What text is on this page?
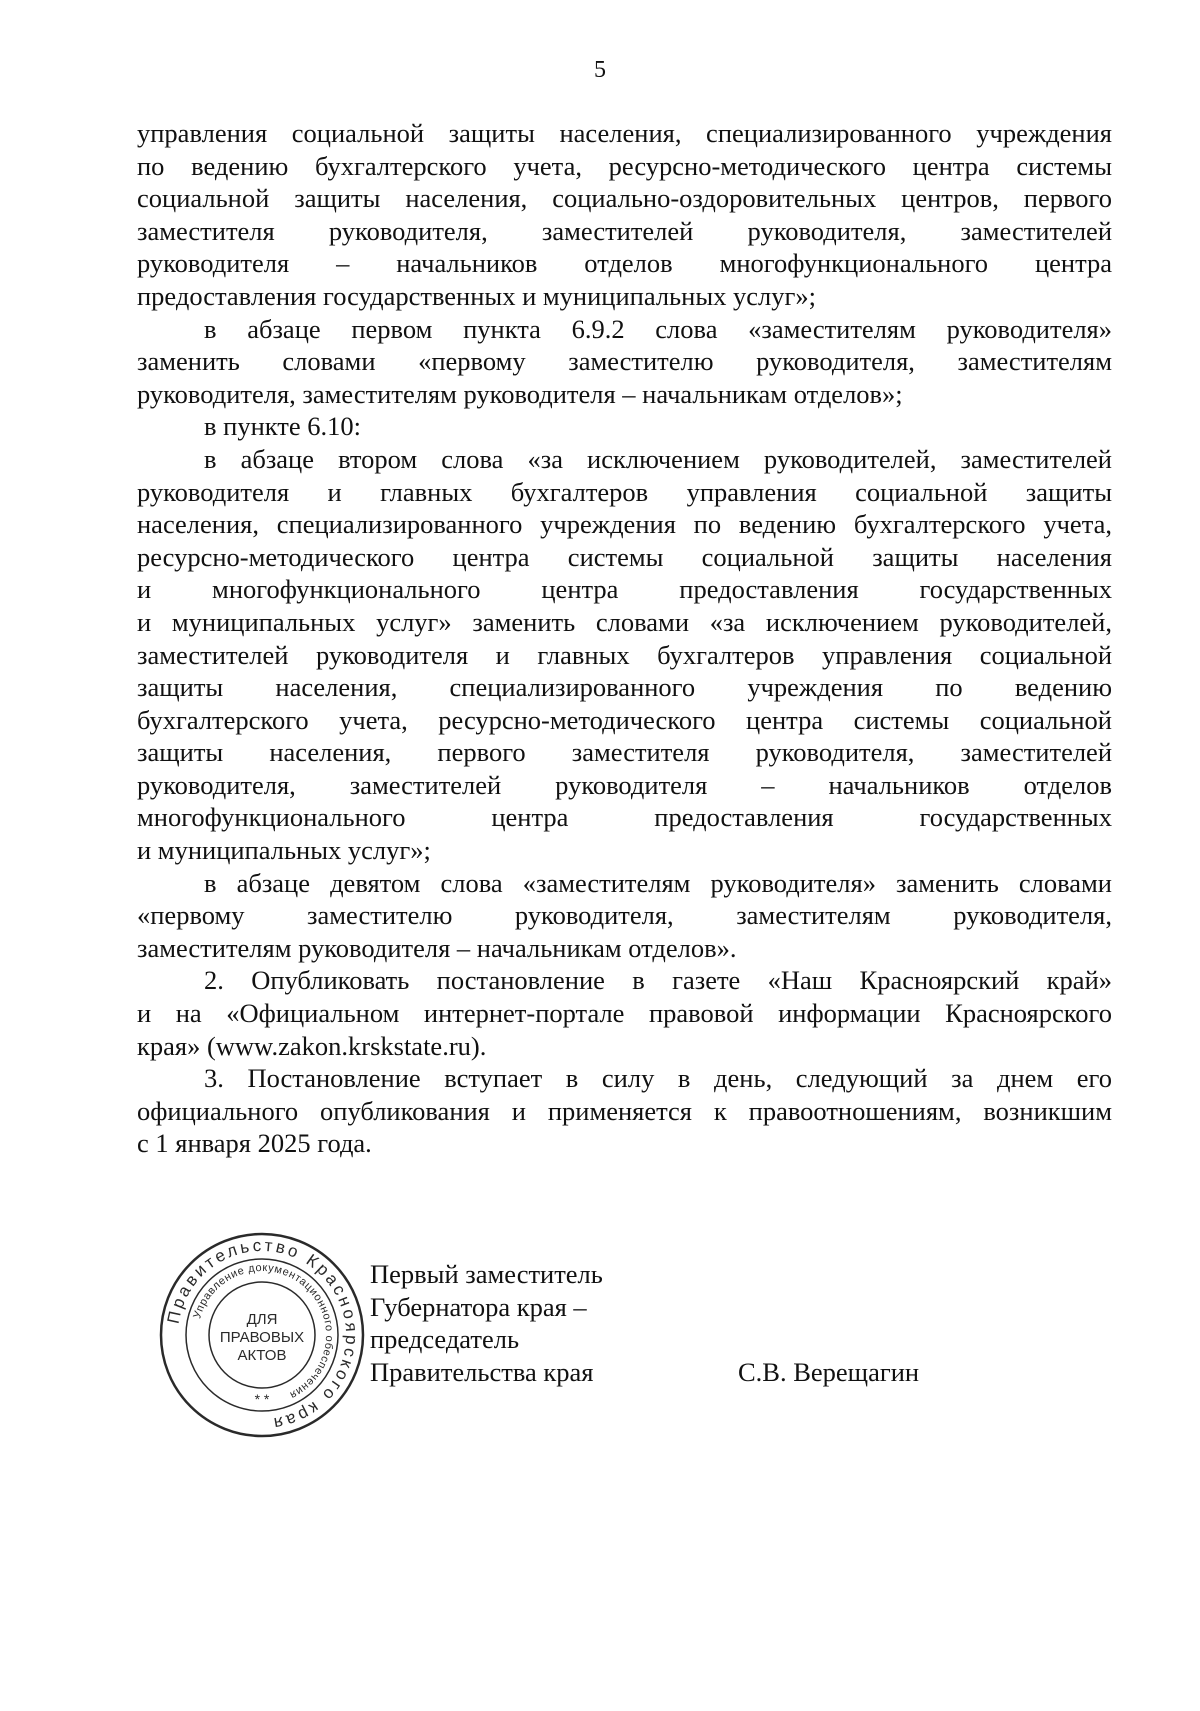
5
управления социальной защиты населения, специализированного учреждения
по ведению бухгалтерского учета, ресурсно-методического центра системы
социальной защиты населения, социально-оздоровительных центров, первого
заместителя руководителя, заместителей руководителя, заместителей
руководителя – начальников отделов многофункционального центра
предоставления государственных и муниципальных услуг»;
в абзаце первом пункта 6.9.2 слова «заместителям руководителя»
заменить словами «первому заместителю руководителя, заместителям
руководителя, заместителям руководителя – начальникам отделов»;
в пункте 6.10:
в абзаце втором слова «за исключением руководителей, заместителей
руководителя и главных бухгалтеров управления социальной защиты
населения, специализированного учреждения по ведению бухгалтерского учета,
ресурсно-методического центра системы социальной защиты населения
и многофункционального центра предоставления государственных
и муниципальных услуг» заменить словами «за исключением руководителей,
заместителей руководителя и главных бухгалтеров управления социальной
защиты населения, специализированного учреждения по ведению
бухгалтерского учета, ресурсно-методического центра системы социальной
защиты населения, первого заместителя руководителя, заместителей
руководителя, заместителей руководителя – начальников отделов
многофункционального центра предоставления государственных
и муниципальных услуг»;
в абзаце девятом слова «заместителям руководителя» заменить словами
«первому заместителю руководителя, заместителям руководителя,
заместителям руководителя – начальникам отделов».
2. Опубликовать постановление в газете «Наш Красноярский край»
и на «Официальном интернет-портале правовой информации Красноярского
края» (www.zakon.krskstate.ru).
3. Постановление вступает в силу в день, следующий за днем его
официального опубликования и применяется к правоотношениям, возникшим
с 1 января 2025 года.
Правительство Красноярского края
Управление документационного обеспечения
ДЛЯ
ПРАВОВЫХ
АКТОВ
* *
Первый заместитель
Губернатора края –
председатель
Правительства края	С.В. Верещагин
